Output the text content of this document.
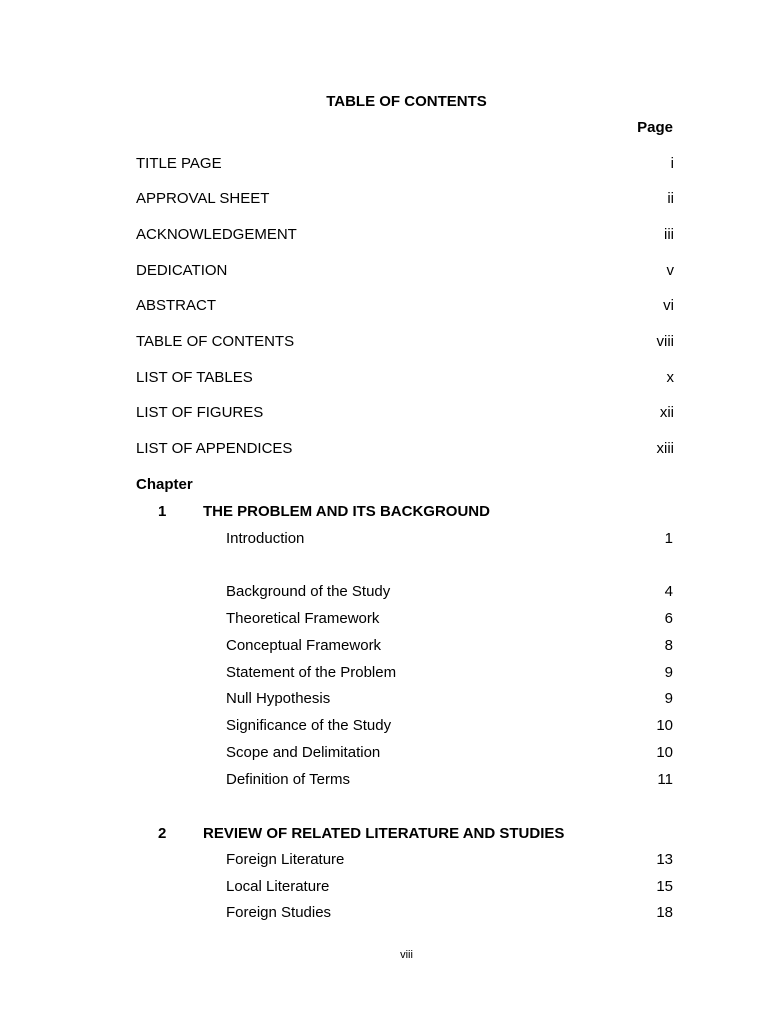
TABLE OF CONTENTS
Page
TITLE PAGE	i
APPROVAL SHEET	ii
ACKNOWLEDGEMENT	iii
DEDICATION	v
ABSTRACT	vi
TABLE OF CONTENTS	viii
LIST OF TABLES	x
LIST OF FIGURES	xii
LIST OF APPENDICES	xiii
Chapter
1 THE PROBLEM AND ITS BACKGROUND
Introduction	1
Background of the Study	4
Theoretical Framework	6
Conceptual Framework	8
Statement of the Problem	9
Null Hypothesis	9
Significance of the Study	10
Scope and Delimitation	10
Definition of Terms	11
2 REVIEW OF RELATED LITERATURE AND STUDIES
Foreign Literature	13
Local Literature	15
Foreign Studies	18
viii
